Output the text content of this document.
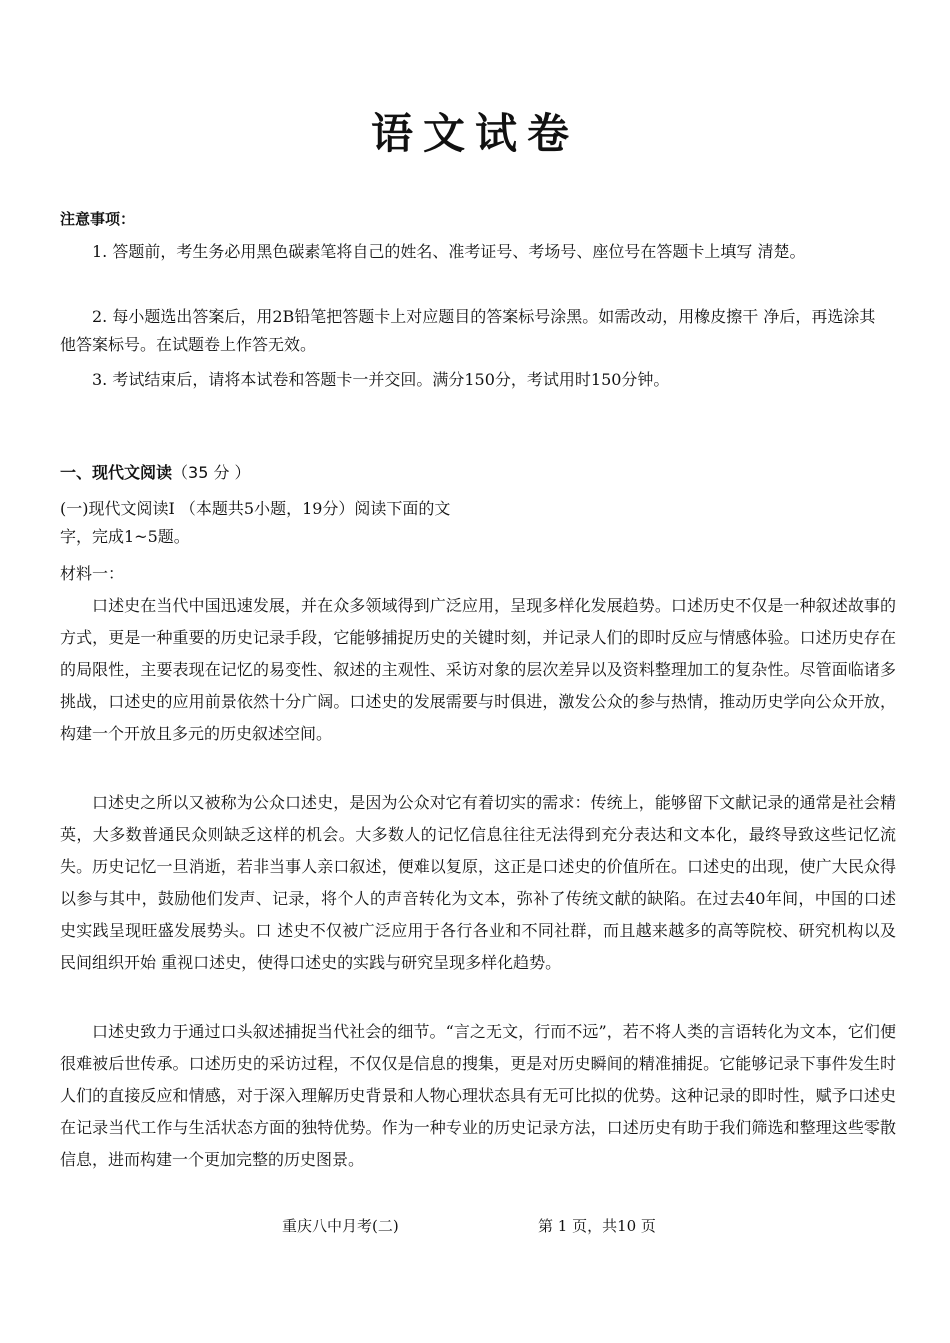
语文试卷
注意事项：
1. 答题前，考生务必用黑色碳素笔将自己的姓名、准考证号、考场号、座位号在答题卡上填写 清楚。
2. 每小题选出答案后，用2B铅笔把答题卡上对应题目的答案标号涂黑。如需改动，用橡皮擦干 净后，再选涂其他答案标号。在试题卷上作答无效。
3. 考试结束后，请将本试卷和答题卡一并交回。满分150分，考试用时150分钟。
一、现代文阅读（35 分 ）
(一)现代文阅读I （本题共5小题，19分）阅读下面的文字，完成1~5题。
材料一：
口述史在当代中国迅速发展，并在众多领域得到广泛应用，呈现多样化发展趋势。口述历史不仅是一种叙述故事的方式，更是一种重要的历史记录手段，它能够捕捉历史的关键时刻，并记录人们的即时反应与情感体验。口述历史存在的局限性，主要表现在记忆的易变性、叙述的主观性、采访对象的层次差异以及资料整理加工的复杂性。尽管面临诸多挑战，口述史的应用前景依然十分广阔。口述史的发展需要与时俱进，激发公众的参与热情，推动历史学向公众开放，构建一个开放且多元的历史叙述空间。
口述史之所以又被称为公众口述史，是因为公众对它有着切实的需求：传统上，能够留下文献记录的通常是社会精英，大多数普通民众则缺乏这样的机会。大多数人的记忆信息往往无法得到充分表达和文本化，最终导致这些记忆流失。历史记忆一旦消逝，若非当事人亲口叙述，便难以复原，这正是口述史的价值所在。口述史的出现，使广大民众得以参与其中，鼓励他们发声、记录，将个人的声音转化为文本，弥补了传统文献的缺陷。在过去40年间，中国的口述史实践呈现旺盛发展势头。口 述史不仅被广泛应用于各行各业和不同社群，而且越来越多的高等院校、研究机构以及民间组织开始 重视口述史，使得口述史的实践与研究呈现多样化趋势。
口述史致力于通过口头叙述捕捉当代社会的细节。“言之无文，行而不远”，若不将人类的言语转化为文本，它们便很难被后世传承。口述历史的采访过程，不仅仅是信息的搜集，更是对历史瞬间的精准捕捉。它能够记录下事件发生时人们的直接反应和情感，对于深入理解历史背景和人物心理状态具有无可比拟的优势。这种记录的即时性，赋予口述史在记录当代工作与生活状态方面的独特优势。作为一种专业的历史记录方法，口述历史有助于我们筛选和整理这些零散信息，进而构建一个更加完整的历史图景。
重庆八中月考(二)	第 1 页，共10 页
